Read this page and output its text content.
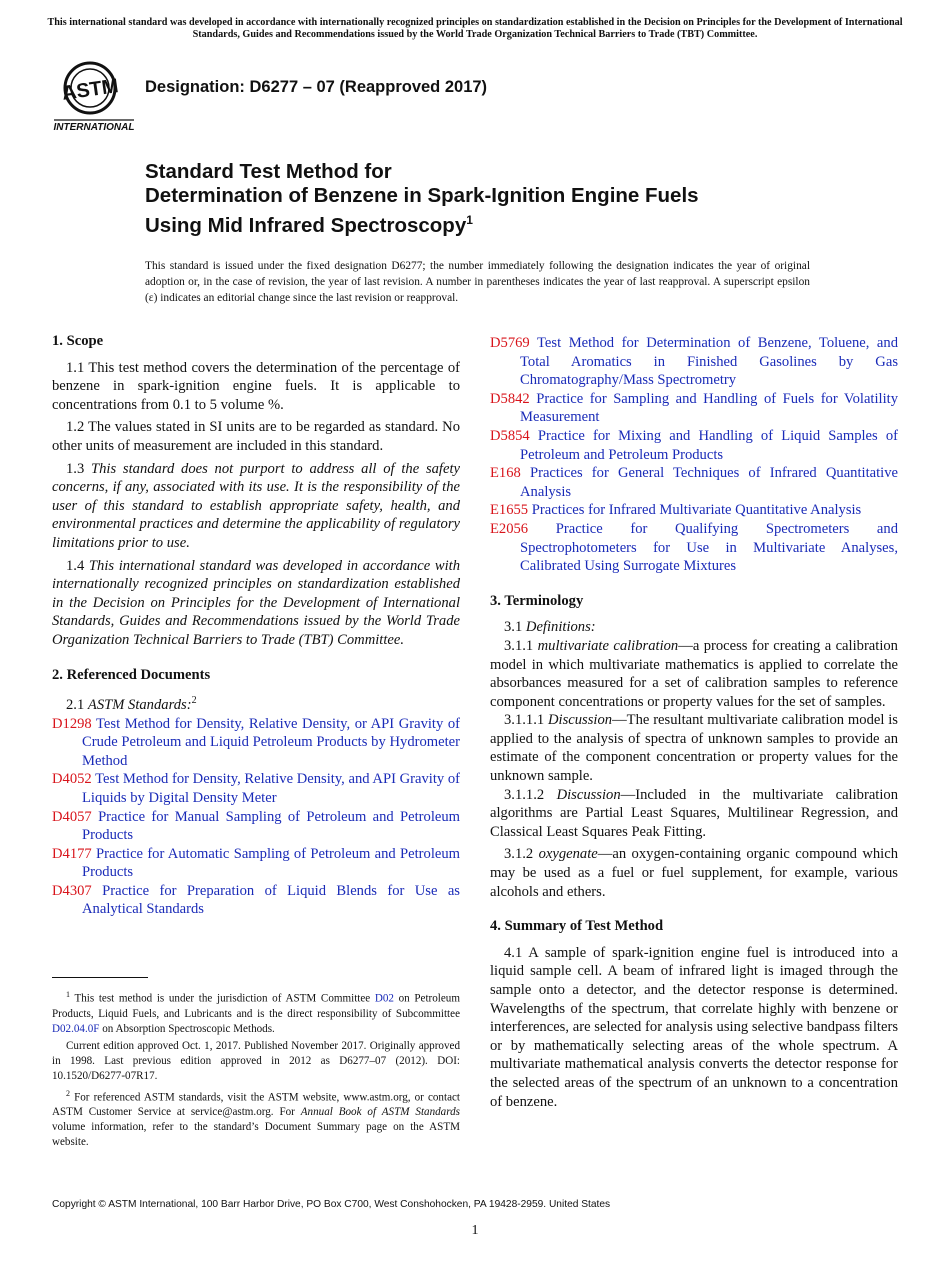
This international standard was developed in accordance with internationally recognized principles on standardization established in the Decision on Principles for the Development of International Standards, Guides and Recommendations issued by the World Trade Organization Technical Barriers to Trade (TBT) Committee.
ASTM
INTERNATIONAL
Designation: D6277 – 07 (Reapproved 2017)
Standard Test Method for
Determination of Benzene in Spark-Ignition Engine Fuels
Using Mid Infrared Spectroscopy$^1$
This standard is issued under the fixed designation D6277; the number immediately following the designation indicates the year of original adoption or, in the case of revision, the year of last revision. A number in parentheses indicates the year of last reapproval. A superscript epsilon (ε) indicates an editorial change since the last revision or reapproval.
1. Scope

1.1 This test method covers the determination of the percentage of benzene in spark-ignition engine fuels. It is applicable to concentrations from 0.1 to 5 volume %.

1.2 The values stated in SI units are to be regarded as standard. No other units of measurement are included in this standard.

1.3 This standard does not purport to address all of the safety concerns, if any, associated with its use. It is the responsibility of the user of this standard to establish appropriate safety, health, and environmental practices and determine the applicability of regulatory limitations prior to use.

1.4 This international standard was developed in accordance with internationally recognized principles on standardization established in the Decision on Principles for the Development of International Standards, Guides and Recommendations issued by the World Trade Organization Technical Barriers to Trade (TBT) Committee.

2. Referenced Documents

2.1 ASTM Standards:$^2$

D1298 Test Method for Density, Relative Density, or API Gravity of Crude Petroleum and Liquid Petroleum Products by Hydrometer Method

D4052 Test Method for Density, Relative Density, and API Gravity of Liquids by Digital Density Meter

D4057 Practice for Manual Sampling of Petroleum and Petroleum Products

D4177 Practice for Automatic Sampling of Petroleum and Petroleum Products

D4307 Practice for Preparation of Liquid Blends for Use as Analytical Standards

D5769 Test Method for Determination of Benzene, Toluene, and Total Aromatics in Finished Gasolines by Gas Chromatography/Mass Spectrometry

D5842 Practice for Sampling and Handling of Fuels for Volatility Measurement

D5854 Practice for Mixing and Handling of Liquid Samples of Petroleum and Petroleum Products

E168 Practices for General Techniques of Infrared Quantitative Analysis

E1655 Practices for Infrared Multivariate Quantitative Analysis

E2056 Practice for Qualifying Spectrometers and Spectrophotometers for Use in Multivariate Analyses, Calibrated Using Surrogate Mixtures

3. Terminology

3.1 Definitions:

3.1.1 multivariate calibration—a process for creating a calibration model in which multivariate mathematics is applied to correlate the absorbances measured for a set of calibration samples to reference component concentrations or property values for the set of samples.

3.1.1.1 Discussion—The resultant multivariate calibration model is applied to the analysis of spectra of unknown samples to provide an estimate of the component concentration or property values for the unknown sample.

3.1.1.2 Discussion—Included in the multivariate calibration algorithms are Partial Least Squares, Multilinear Regression, and Classical Least Squares Peak Fitting.

3.1.2 oxygenate—an oxygen-containing organic compound which may be used as a fuel or fuel supplement, for example, various alcohols and ethers.

4. Summary of Test Method

4.1 A sample of spark-ignition engine fuel is introduced into a liquid sample cell. A beam of infrared light is imaged through the sample onto a detector, and the detector response is determined. Wavelengths of the spectrum, that correlate highly with benzene or interferences, are selected for analysis using selective bandpass filters or by mathematically selecting areas of the whole spectrum. A multivariate mathematical analysis converts the detector response for the selected areas of the spectrum of an unknown to a concentration of benzene.

$^1$ This test method is under the jurisdiction of ASTM Committee D02 on Petroleum Products, Liquid Fuels, and Lubricants and is the direct responsibility of Subcommittee D02.04.0F on Absorption Spectroscopic Methods.

Current edition approved Oct. 1, 2017. Published November 2017. Originally approved in 1998. Last previous edition approved in 2012 as D6277–07 (2012). DOI: 10.1520/D6277-07R17.

$^2$ For referenced ASTM standards, visit the ASTM website, www.astm.org, or contact ASTM Customer Service at service@astm.org. For Annual Book of ASTM Standards volume information, refer to the standard’s Document Summary page on the ASTM website.

Copyright © ASTM International, 100 Barr Harbor Drive, PO Box C700, West Conshohocken, PA 19428-2959. United States
1
